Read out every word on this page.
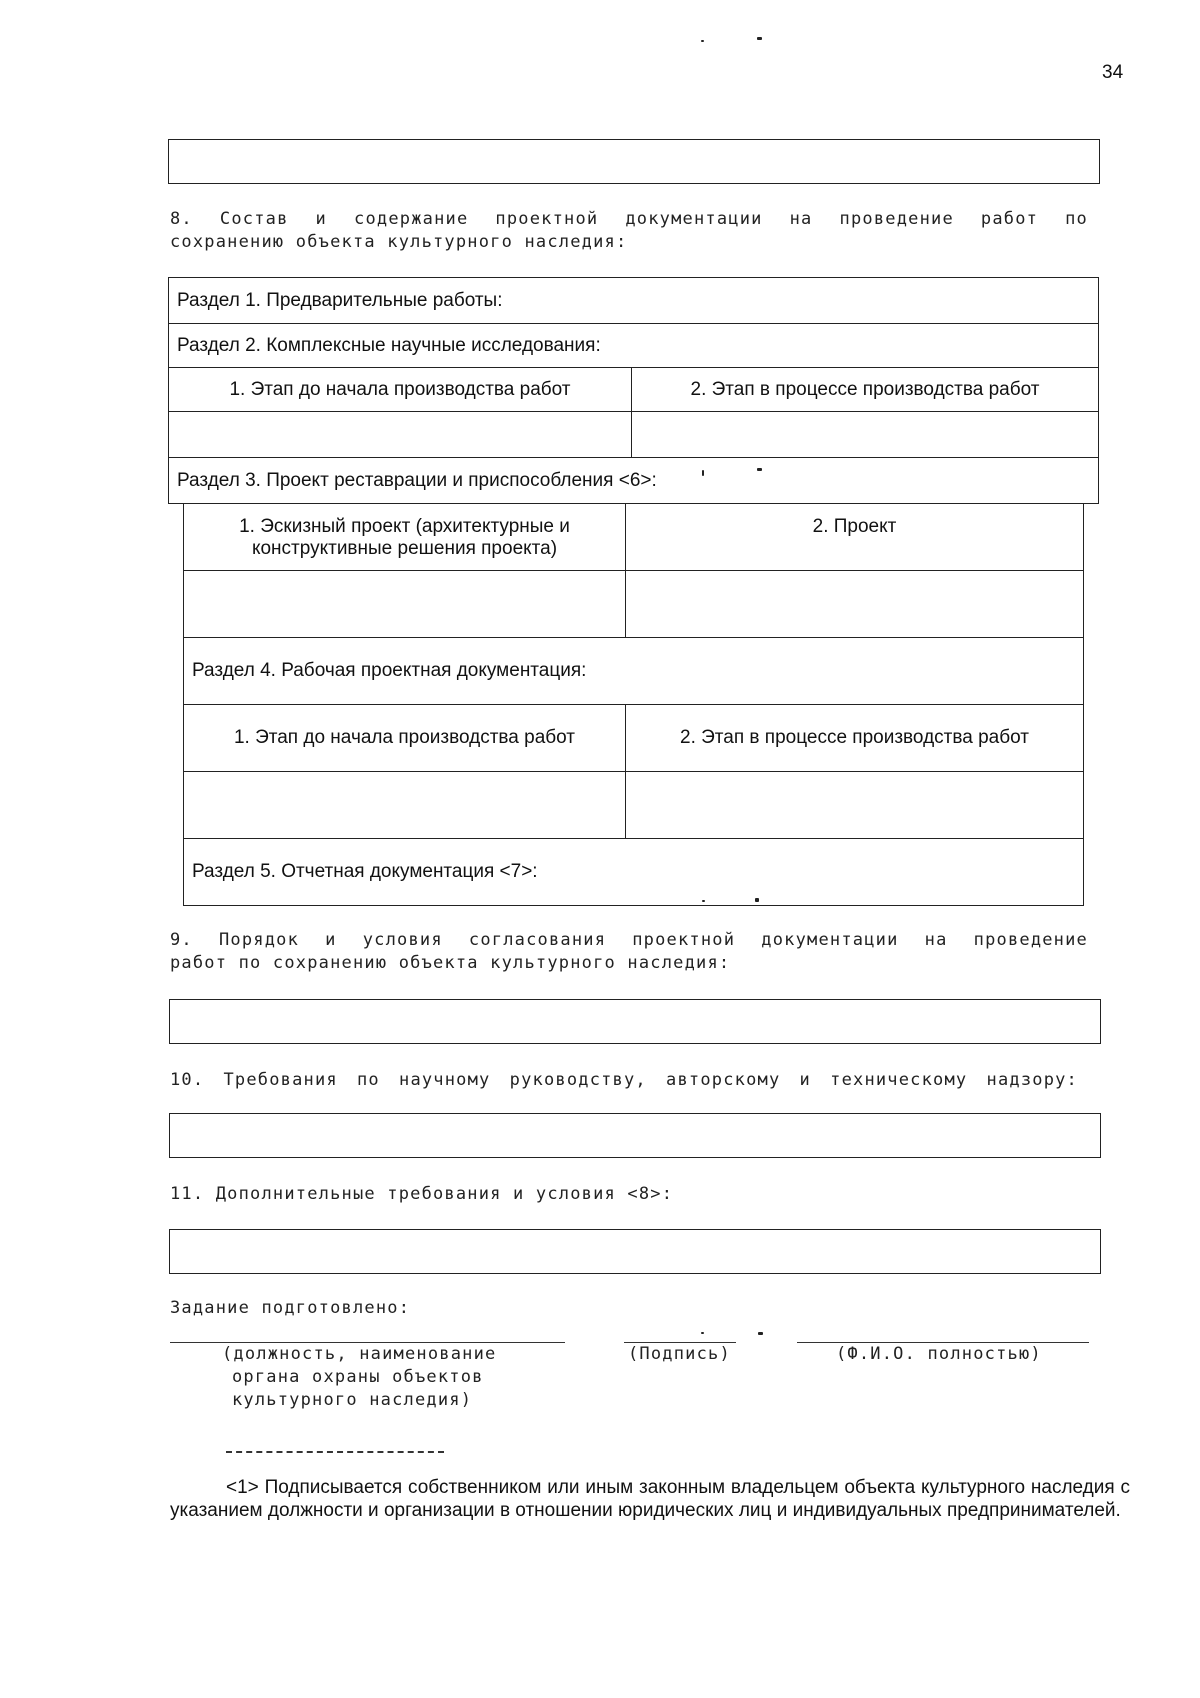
34
8. Состав и содержание проектной документации на проведение работ по
сохранению объекта культурного наследия:
Раздел 1. Предварительные работы:	
Раздел 2. Комплексные научные исследования:	
1. Этап до начала производства работ	2. Этап в процессе производства работ

Раздел 3. Проект реставрации и приспособления <6>:	
1. Эскизный проект (архитектурные и
конструктивные решения проекта)	2. Проект

Раздел 4. Рабочая проектная документация:	
1. Этап до начала производства работ	2. Этап в процессе производства работ

Раздел 5. Отчетная документация <7>:	
9. Порядок и условия согласования проектной документации на проведение
работ по сохранению объекта культурного наследия:
10. Требования по научному руководству, авторскому и техническому надзору:
11. Дополнительные требования и условия <8>:
Задание подготовлено:
(должность, наименование
органа охраны объектов
культурного наследия)
(Подпись)	(Ф.И.О. полностью)
<1> Подписывается собственником или иным законным владельцем объекта культурного наследия с указанием должности и организации в отношении юридических лиц и индивидуальных предпринимателей.
